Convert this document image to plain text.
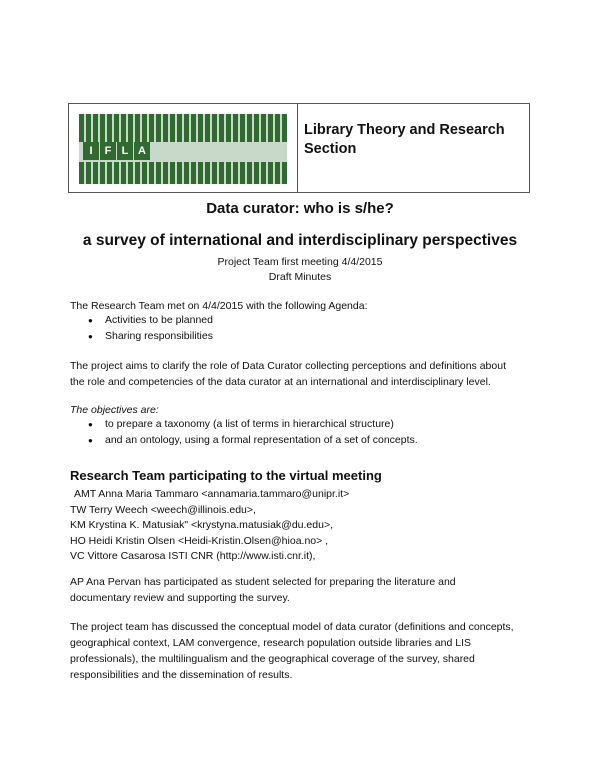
I	F L A
Library Theory and Research
Section
Data curator: who is s/he?
a survey of international and interdisciplinary perspectives
Project Team first meeting 4/4/2015
Draft Minutes
The Research Team met on 4/4/2015 with the following Agenda:
● Activities to be planned
● Sharing responsibilities
The project aims to clarify the role of Data Curator collecting perceptions and definitions about
the role and competencies of the data curator at an international and interdisciplinary level.
The objectives are:
● to prepare a taxonomy (a list of terms in hierarchical structure)
● and an ontology, using a formal representation of a set of concepts.
Research Team participating to the virtual meeting
AMT Anna Maria Tammaro <annamaria.tammaro@unipr.it>
TW Terry Weech <weech@illinois.edu>,
KM Krystina K. Matusiak" <krystyna.matusiak@du.edu>,
HO Heidi Kristin Olsen <Heidi-Kristin.Olsen@hioa.no> ,
VC Vittore Casarosa ISTI CNR (http://www.isti.cnr.it),
AP Ana Pervan has participated as student selected for preparing the literature and
documentary review and supporting the survey.
The project team has discussed the conceptual model of data curator (definitions and concepts,
geographical context, LAM convergence, research population outside libraries and LIS
professionals), the multilingualism and the geographical coverage of the survey, shared
responsibilities and the dissemination of results.
